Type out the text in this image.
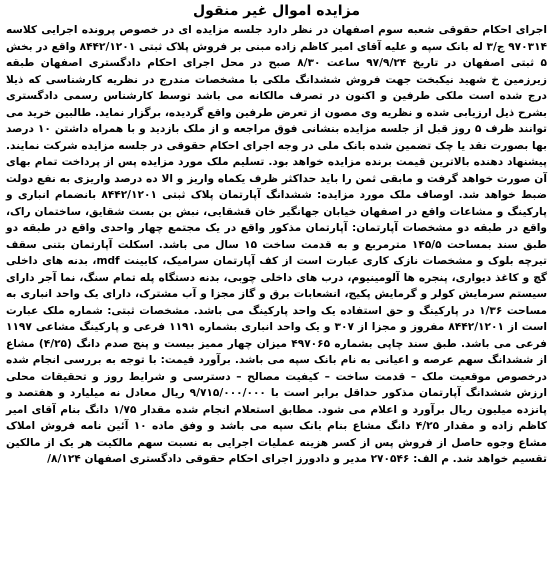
مزایده اموال غیر منقول

اجرای احکام حقوقی شعبه سوم اصفهان در نظر دارد جلسه مزایده ای در خصوص پرونده اجرایی کلاسه ۹۷۰۳۱۴ ج/۳ له بانک سپه و علیه آقای امیر کاظم زاده مبنی بر فروش پلاک ثبتی ۸۴۴۲/۱۲۰۱ واقع در بخش ۵ ثبتی اصفهان در تاریخ ۹۷/۹/۲۴ ساعت ۸/۳۰ صبح در محل اجرای احکام دادگستری اصفهان طبقه زیرزمین خ شهید نیکبخت جهت فروش ششدانگ ملکی با مشخصات مندرج در نظریه کارشناسی که ذیلا درج شده است ملکی طرفین و اکنون در تصرف مالکانه می باشد توسط کارشناس رسمی دادگستری بشرح ذیل ارزیابی شده و نظریه وی مصون از تعرض طرفین واقع گردیده، برگزار نماید. طالبین خرید می توانند ظرف ۵ روز قبل از جلسه مزایده بنشانی فوق مراجعه و از ملک بازدید و با همراه داشتن ۱۰ درصد بها بصورت نقد یا چک تضمین شده بانک ملی در وجه اجرای احکام حقوقی در جلسه مزایده شرکت نمایند. پیشنهاد دهنده بالاترین قیمت برنده مزایده خواهد بود. تسلیم ملک مورد مزایده پس از پرداخت تمام بهای آن صورت خواهد گرفت و مابقی ثمن را باید حداکثر ظرف یکماه واریز و الا ده درصد واریزی به نفع دولت ضبط خواهد شد. اوصاف ملک مورد مزایده: ششدانگ آپارتمان پلاک ثبتی ۸۴۴۲/۱۲۰۱ بانضمام انباری و پارکینگ و مشاعات واقع در اصفهان خیابان جهانگیر خان قشقایی، نبش بن بست شقایق، ساختمان راک، واقع در طبقه دو مشخصات آپارتمان: آپارتمان مذکور واقع در یک مجتمع چهار واحدی واقع در طبقه دو طبق سند بمساحت ۱۴۵/۵ مترمربع و به قدمت ساخت ۱۵ سال می باشد. اسکلت آپارتمان بتنی سقف تیرچه بلوک و مشخصات نازک کاری عبارت است از کف آپارتمان سرامیک، کابینت mdf، بدنه های داخلی گچ و کاغذ دیواری، پنجره ها آلومینیوم، درب های داخلی چوبی، بدنه دستگاه پله تمام سنگ، نما آجر دارای سیستم سرمایش کولر و گرمایش پکیج، انشعابات برق و گاز مجزا و آب مشترک، دارای یک واحد انباری به مساحت ۱/۳۶ در پارکینگ و حق استفاده یک واحد پارکینگ می باشد. مشخصات ثبتی: شماره ملک عبارت است از ۸۴۴۲/۱۲۰۱ مفروز و مجزا از ۳۰۷ و یک واحد انباری بشماره ۱۱۹۱ فرعی و پارکینگ مشاعی ۱۱۹۷ فرعی می باشد. طبق سند چاپی بشماره ۴۹۷۰۶۵ میزان چهار ممیز بیست و پنج صدم دانگ (۴/۲۵) مشاع از ششدانگ سهم عرصه و اعیانی به نام بانک سپه می باشد. برآورد قیمت: با توجه به بررسی انجام شده درخصوص موقعیت ملک – قدمت ساخت – کیفیت مصالح – دسترسی و شرایط روز و تحقیقات محلی ارزش ششدانگ آپارتمان مذکور حداقل برابر است با ۹/۷۱۵/۰۰۰/۰۰۰ ریال معادل نه میلیارد و هفتصد و پانزده میلیون ریال برآورد و اعلام می شود. مطابق استعلام انجام شده مقدار ۱/۷۵ دانگ بنام آقای امیر کاظم زاده و مقدار ۴/۲۵ دانگ مشاع بنام بانک سپه می باشد و وفق ماده ۱۰ آئین نامه فروش املاک مشاع وجوه حاصل از فروش پس از کسر هزینه عملیات اجرایی به نسبت سهم مالکیت هر یک از مالکین تقسیم خواهد شد. م الف: ۲۷۰۵۴۶ مدیر و دادورز اجرای احکام حقوقی دادگستری اصفهان ۸/۱۲۴/
